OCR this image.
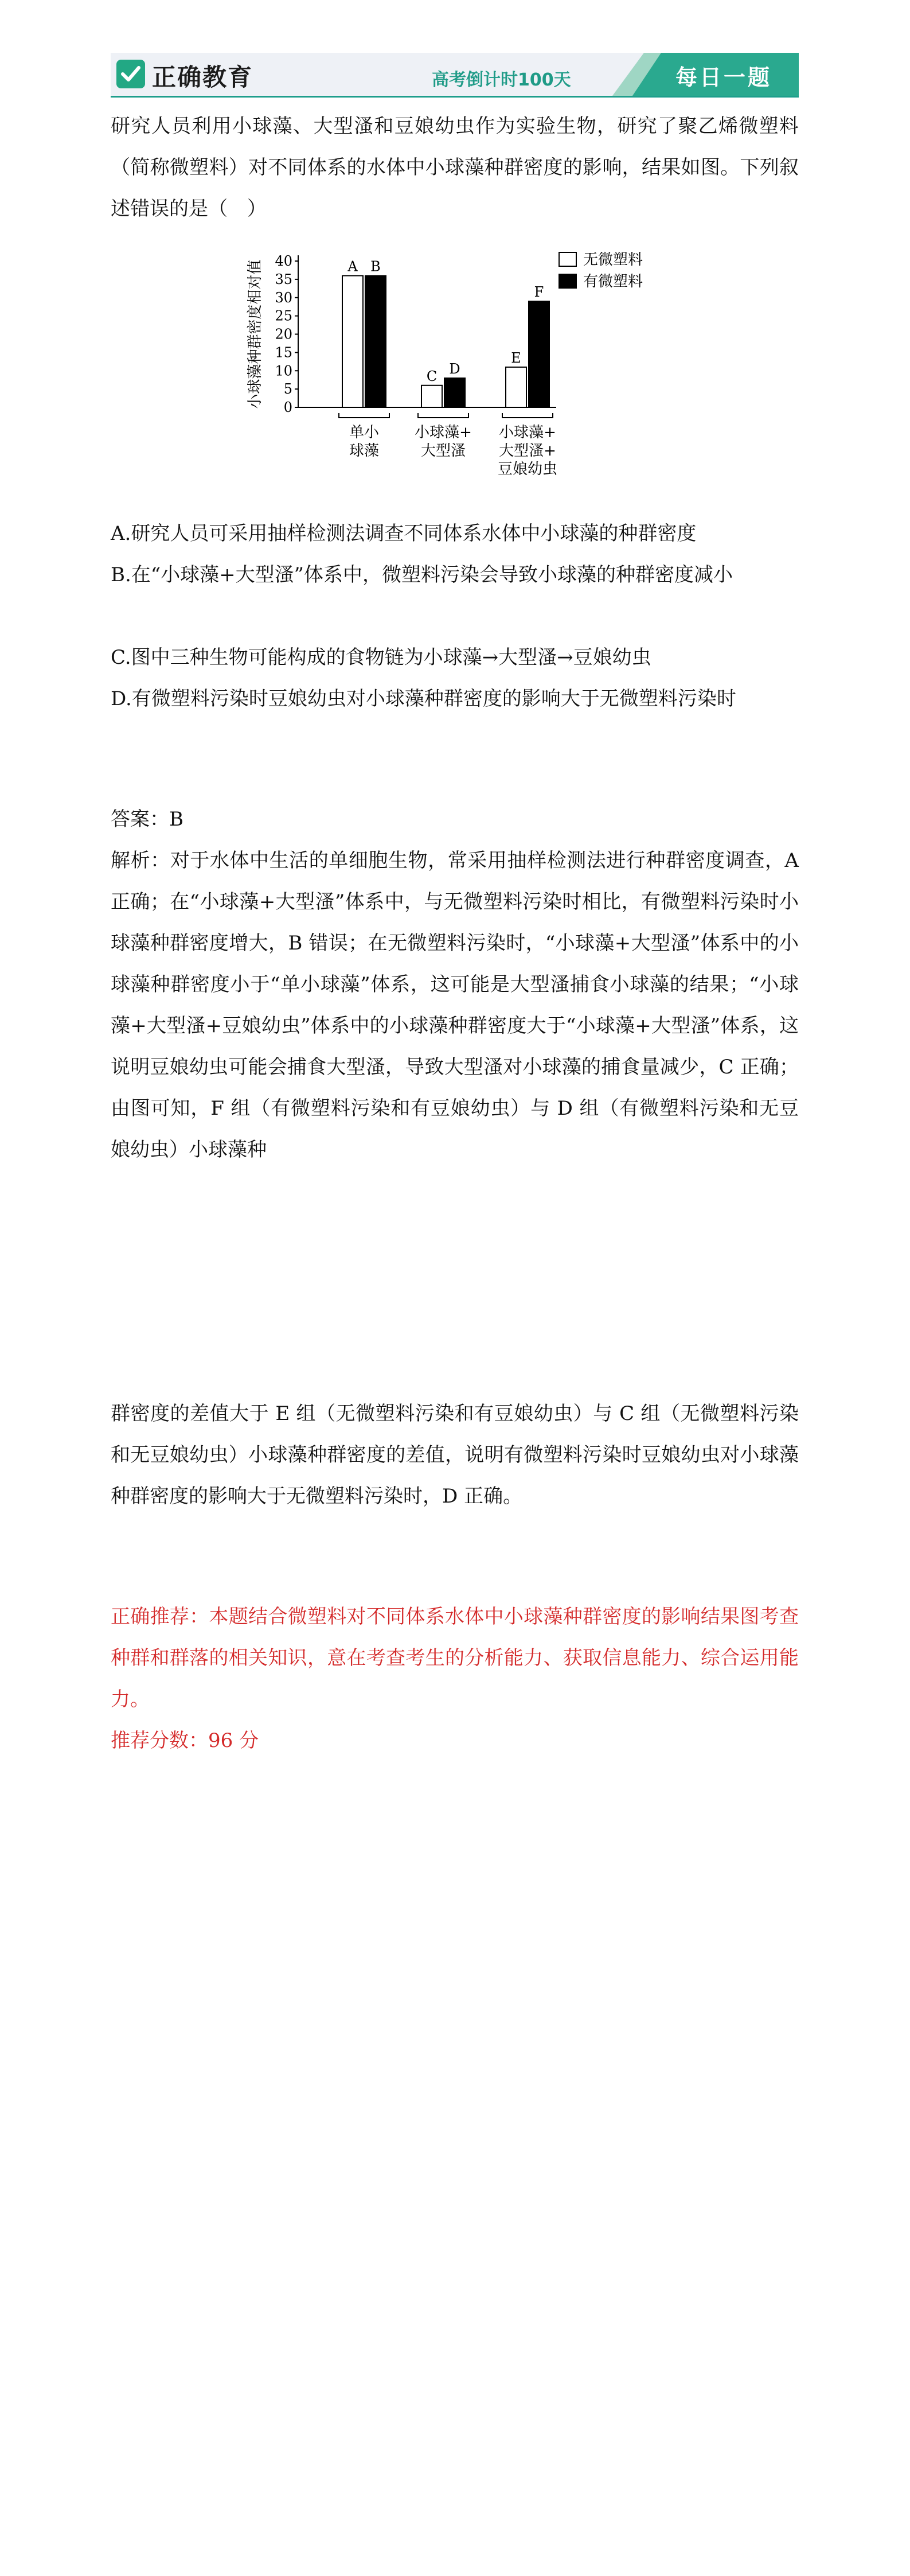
正确教育	高考倒计时100天	每日一题
研究人员利用小球藻、大型溞和豆娘幼虫作为实验生物，研究了聚乙烯微塑料（简称微塑料）对不同体系的水体中小球藻种群密度的影响，结果如图。下列叙述错误的是（　）
0
5
10
15
20
25
30
35
40
小球藻种群密度相对值	A B
单小
球藻
C D
小球藻+
大型溞
E
F
小球藻+
大型溞+
豆娘幼虫
无微塑料
有微塑料
A.研究人员可采用抽样检测法调查不同体系水体中小球藻的种群密度
B.在“小球藻+大型溞”体系中，微塑料污染会导致小球藻的种群密度减小
C.图中三种生物可能构成的食物链为小球藻→大型溞→豆娘幼虫
D.有微塑料污染时豆娘幼虫对小球藻种群密度的影响大于无微塑料污染时
答案：B
解析：对于水体中生活的单细胞生物，常采用抽样检测法进行种群密度调查，A 正确；在“小球藻+大型溞”体系中，与无微塑料污染时相比，有微塑料污染时小球藻种群密度增大，B 错误；在无微塑料污染时，“小球藻+大型溞”体系中的小球藻种群密度小于“单小球藻”体系，这可能是大型溞捕食小球藻的结果；“小球藻+大型溞+豆娘幼虫”体系中的小球藻种群密度大于“小球藻+大型溞”体系，这说明豆娘幼虫可能会捕食大型溞，导致大型溞对小球藻的捕食量减少，C 正确；由图可知，F 组（有微塑料污染和有豆娘幼虫）与 D 组（有微塑料污染和无豆娘幼虫）小球藻种
群密度的差值大于 E 组（无微塑料污染和有豆娘幼虫）与 C 组（无微塑料污染和无豆娘幼虫）小球藻种群密度的差值，说明有微塑料污染时豆娘幼虫对小球藻种群密度的影响大于无微塑料污染时，D 正确。
正确推荐：本题结合微塑料对不同体系水体中小球藻种群密度的影响结果图考查种群和群落的相关知识，意在考查考生的分析能力、获取信息能力、综合运用能力。
推荐分数：96 分
